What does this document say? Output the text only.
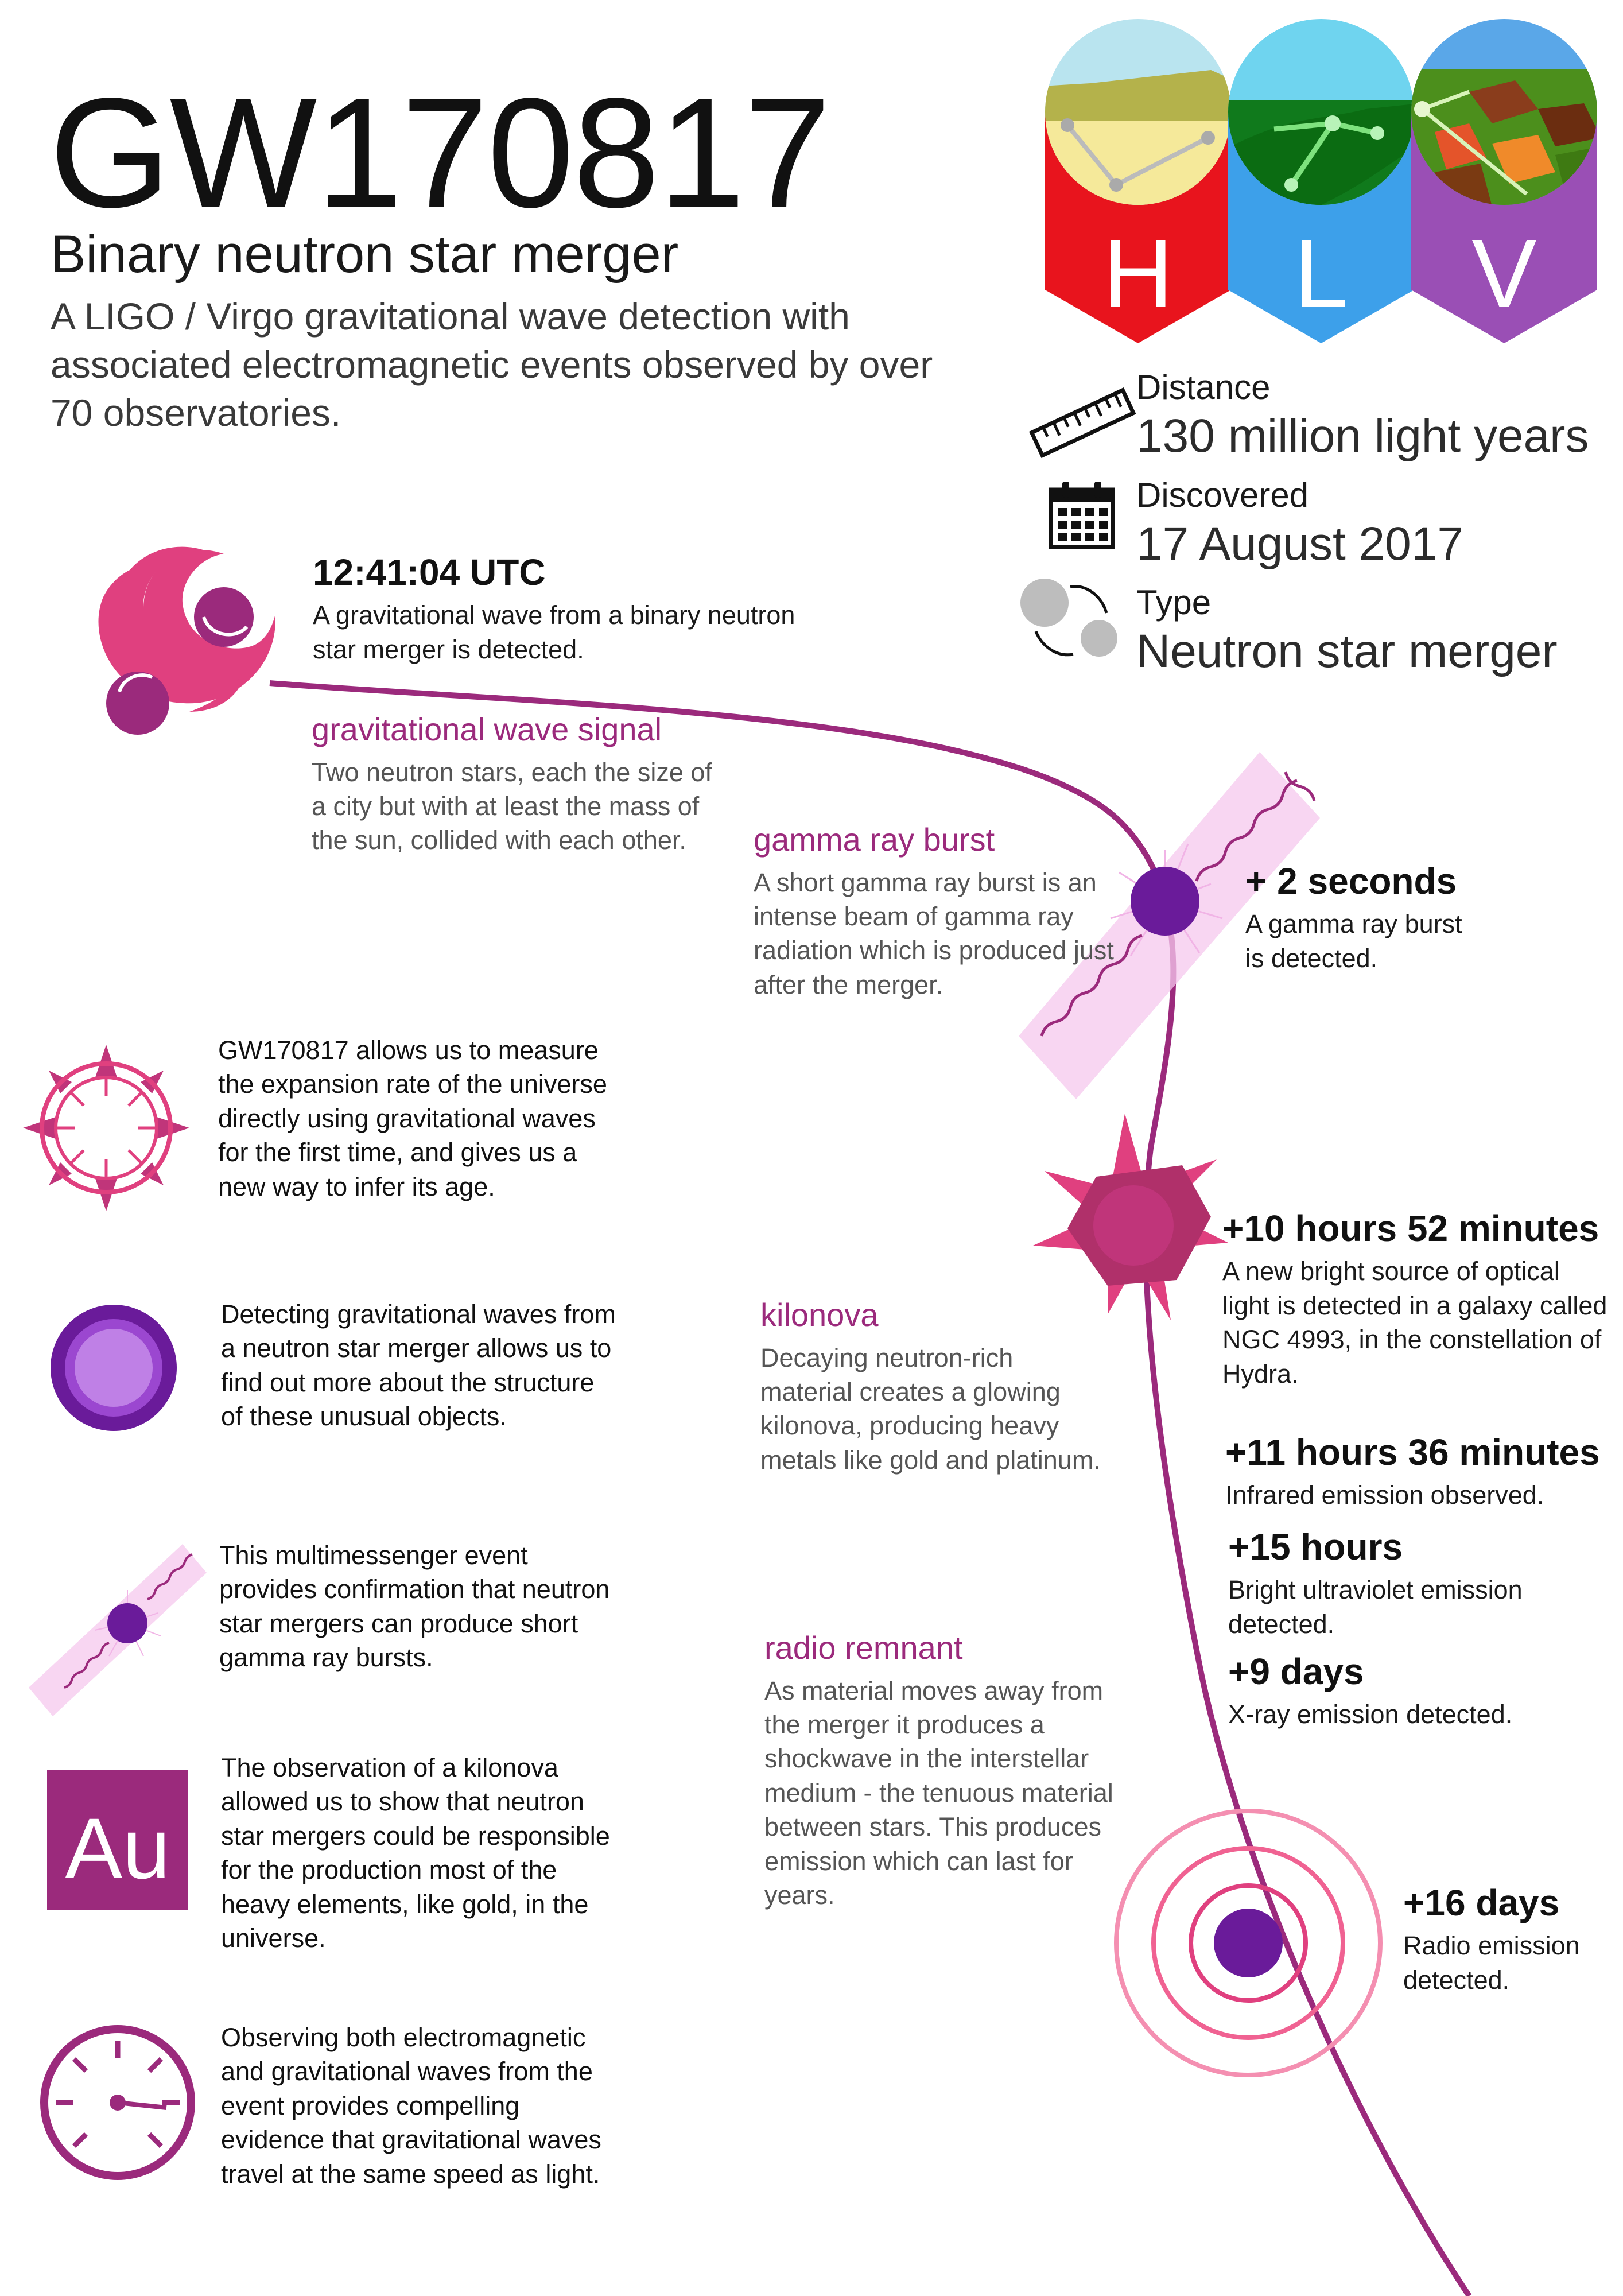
GW170817
Binary neutron star merger
A LIGO / Virgo gravitational wave detection with associated electromagnetic events observed by over 70 observatories.
H L V
Distance
130 million light years
Discovered
17 August 2017
Type
Neutron star merger
Au
12:41:04 UTC
A gravitational wave from a binary neutron star merger is detected.
+ 2 seconds
A gamma ray burst
is detected.
+10 hours 52 minutes
A new bright source of optical light is detected in a galaxy called NGC 4993, in the constellation of Hydra.
+11 hours 36 minutes
Infrared emission observed.
+15 hours
Bright ultraviolet emission detected.
+9 days
X-ray emission detected.
+16 days
Radio emission detected.
gravitational wave signal
Two neutron stars, each the size of a city but with at least the mass of the sun, collided with each other.	gamma ray burst
A short gamma ray burst is an intense beam of gamma ray radiation which is produced just after the merger.
kilonova
Decaying neutron-rich material creates a glowing kilonova, producing heavy metals like gold and platinum.
radio remnant
As material moves away from the merger it produces a shockwave in the interstellar medium - the tenuous material between stars. This produces emission which can last for years.
GW170817 allows us to measure the expansion rate of the universe directly using gravitational waves for the first time, and gives us a new way to infer its age.
Detecting gravitational waves from a neutron star merger allows us to find out more about the structure of these unusual objects.
This multimessenger event provides confirmation that neutron star mergers can produce short gamma ray bursts.
The observation of a kilonova allowed us to show that neutron star mergers could be responsible for the production most of the heavy elements, like gold, in the universe.
Observing both electromagnetic and gravitational waves from the event provides compelling evidence that gravitational waves travel at the same speed as light.
